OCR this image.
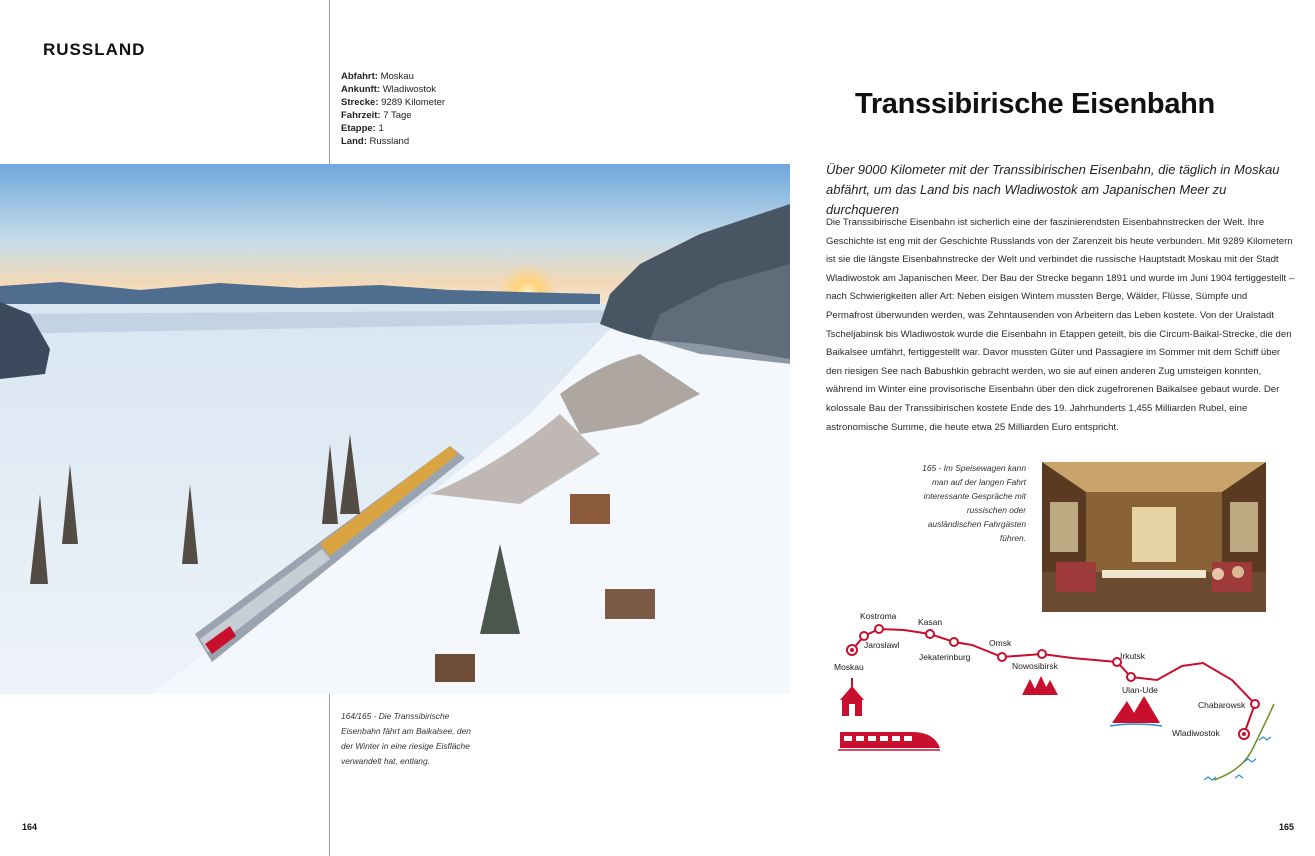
RUSSLAND
Abfahrt: Moskau
Ankunft: Wladiwostok
Strecke: 9289 Kilometer
Fahrzeit: 7 Tage
Etappe: 1
Land: Russland
164/165 - Die Transsibirische Eisenbahn fährt am Baikalsee, den der Winter in eine riesige Eisfläche verwandelt hat, entlang.
164
Transsibirische Eisenbahn
Über 9000 Kilometer mit der Transsibirischen Eisenbahn, die täglich in Moskau abfährt, um das Land bis nach Wladiwostok am Japanischen Meer zu durchqueren
Die Transsibirische Eisenbahn ist sicherlich eine der faszinierendsten Eisenbahnstrecken der Welt. Ihre Geschichte ist eng mit der Geschichte Russlands von der Zarenzeit bis heute verbunden. Mit 9289 Kilometern ist sie die längste Eisenbahnstrecke der Welt und verbindet die russische Hauptstadt Moskau mit der Stadt Wladiwostok am Japanischen Meer. Der Bau der Strecke begann 1891 und wurde im Juni 1904 fertiggestellt – nach Schwierigkeiten aller Art: Neben eisigen Wintern mussten Berge, Wälder, Flüsse, Sümpfe und Permafrost überwunden werden, was Zehntausenden von Arbeitern das Leben kostete. Von der Uralstadt Tscheljabinsk bis Wladiwostok wurde die Eisenbahn in Etappen geteilt, bis die Circum-Baikal-Strecke, die den Baikalsee umfährt, fertiggestellt war. Davor mussten Güter und Passagiere im Sommer mit dem Schiff über den riesigen See nach Babushkin gebracht werden, wo sie auf einen anderen Zug umsteigen konnten, während im Winter eine provisorische Eisenbahn über den dick zugefrorenen Baikalsee gebaut wurde. Der kolossale Bau der Transsibirischen kostete Ende des 19. Jahrhunderts 1,455 Milliarden Rubel, eine astronomische Summe, die heute etwa 25 Milliarden Euro entspricht.
165 - Im Speisewagen kann man auf der langen Fahrt interessante Gespräche mit russischen oder ausländischen Fahrgästen führen.
Moskau
Kostroma
Jaroslawl
Kasan
Jekaterinburg
Omsk
Nowosibirsk
Irkutsk
Ulan-Ude
Chabarowsk
Wladiwostok
165
